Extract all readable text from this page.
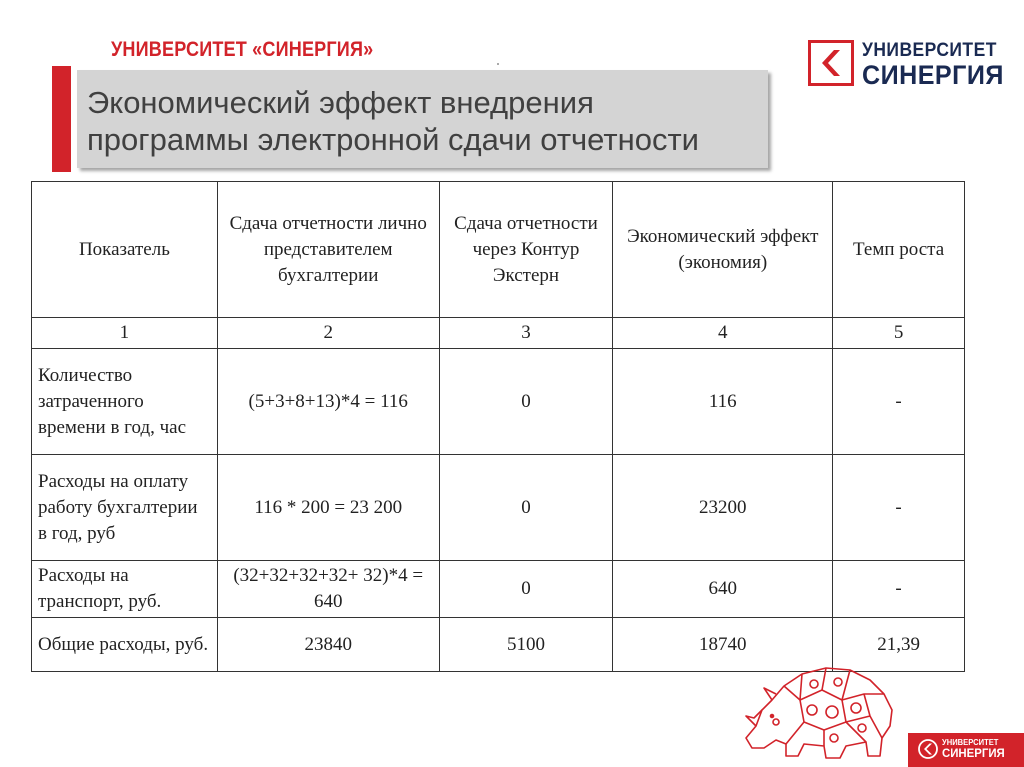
УНИВЕРСИТЕТ «СИНЕРГИЯ»	УНИВЕРСИТЕТ
СИНЕРГИЯ
Экономический эффект внедрения
программы электронной сдачи отчетности
Показатель	Сдача отчетности лично представителем бухгалтерии	Сдача отчетности через Контур Экстерн	Экономический эффект (экономия)	Темп роста
1	2	3	4	5
Количество затраченного времени в год, час	(5+3+8+13)*4 = 116	0	116	-
Расходы на оплату работу бухгалтерии в год, руб	116 * 200 = 23 200	0	23200	-
Расходы на транспорт, руб.	(32+32+32+32+ 32)*4 = 640	0	640	-
Общие расходы, руб.	23840	5100	18740	21,39
УНИВЕРСИТЕТ
СИНЕРГИЯ
